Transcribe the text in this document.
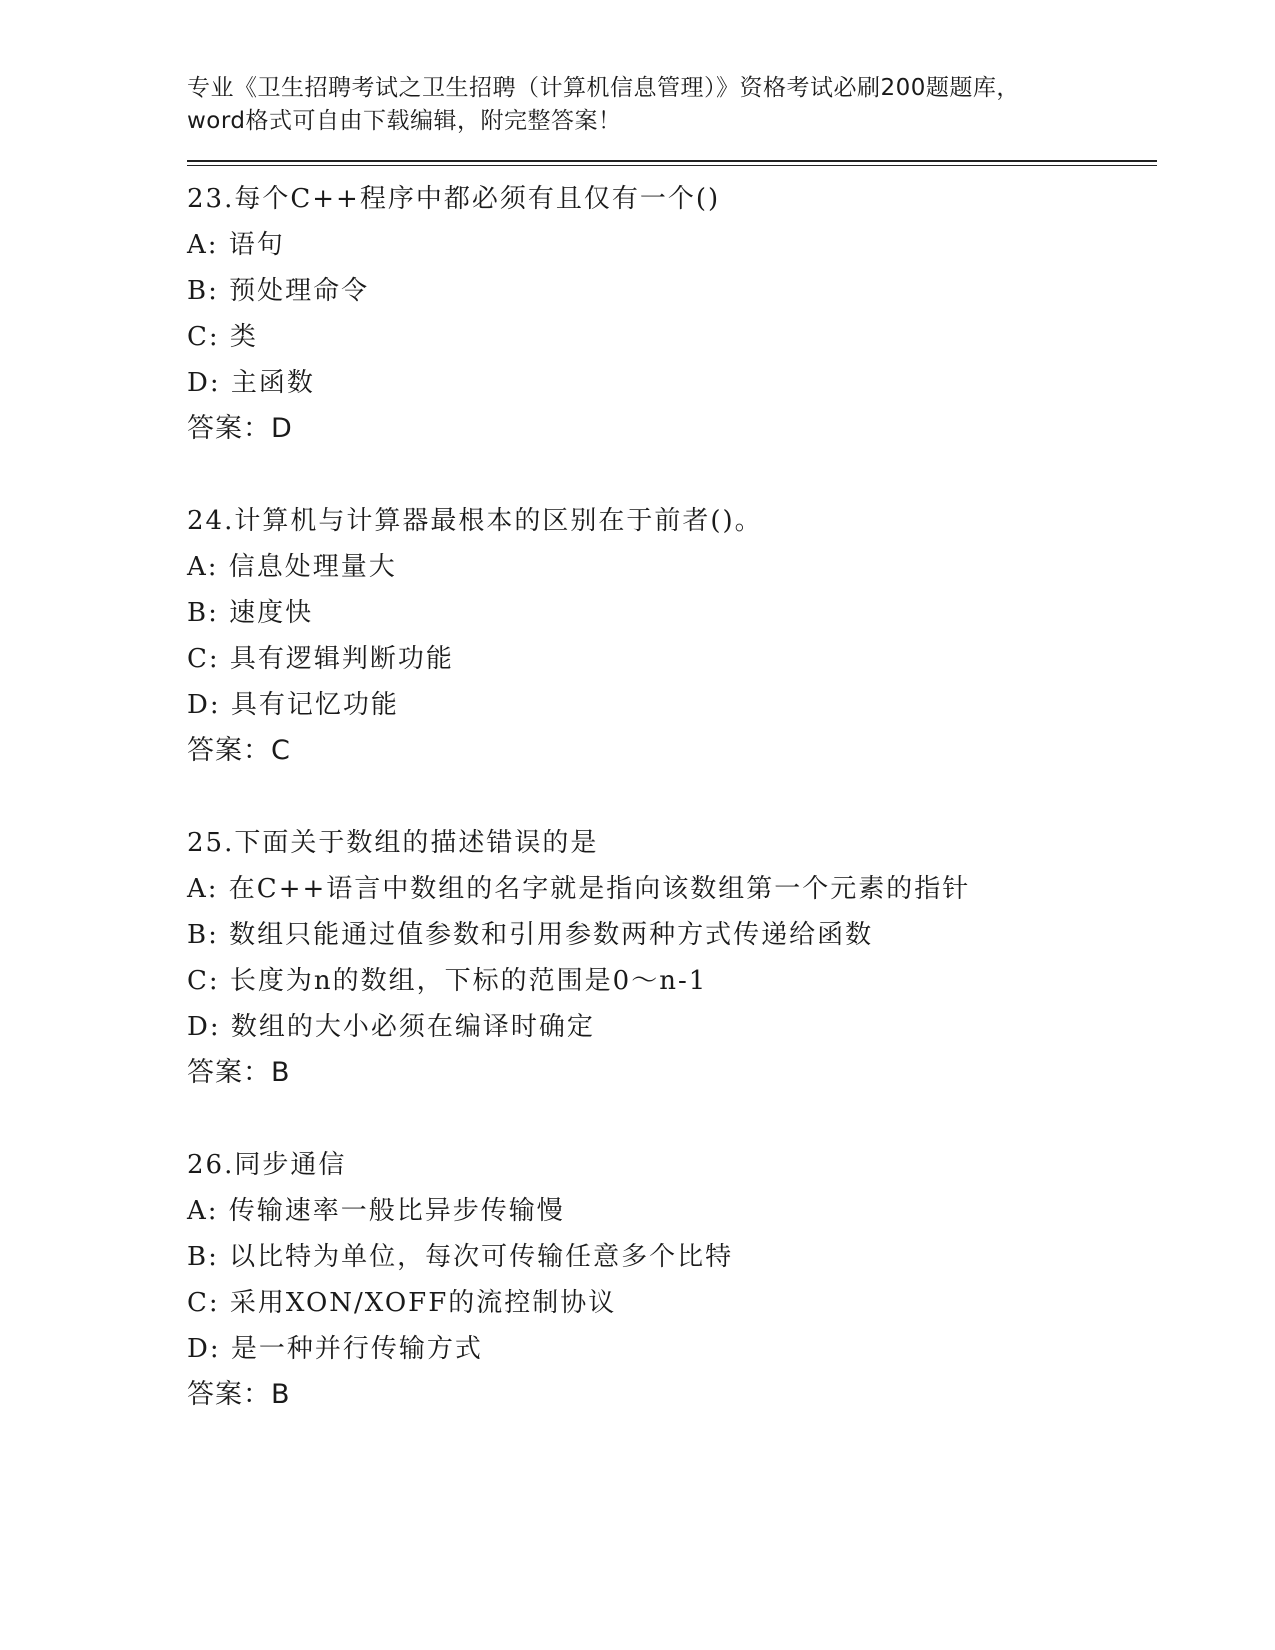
专业《卫生招聘考试之卫生招聘（计算机信息管理）》资格考试必刷200题题库，
word格式可自由下载编辑，附完整答案！
23.每个C++程序中都必须有且仅有一个()
A: 语句
B: 预处理命令
C: 类
D: 主函数
答案：D
24.计算机与计算器最根本的区别在于前者()。
A: 信息处理量大
B: 速度快
C: 具有逻辑判断功能
D: 具有记忆功能
答案：C
25.下面关于数组的描述错误的是
A: 在C++语言中数组的名字就是指向该数组第一个元素的指针
B: 数组只能通过值参数和引用参数两种方式传递给函数
C: 长度为n的数组，下标的范围是0～n-1
D: 数组的大小必须在编译时确定
答案：B
26.同步通信
A: 传输速率一般比异步传输慢
B: 以比特为单位，每次可传输任意多个比特
C: 采用XON/XOFF的流控制协议
D: 是一种并行传输方式
答案：B
